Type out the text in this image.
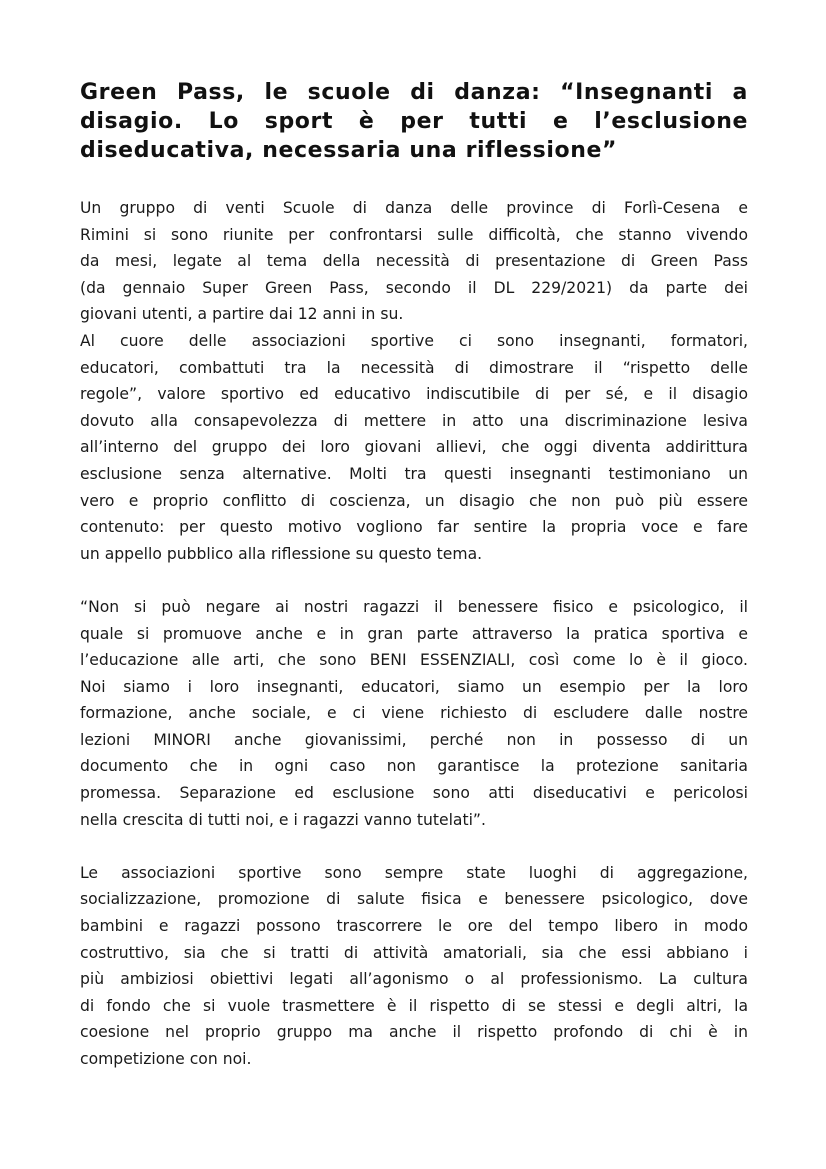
Green Pass, le scuole di danza: “Insegnanti a
disagio. Lo sport è per tutti e l’esclusione
diseducativa, necessaria una riflessione”

Un gruppo di venti Scuole di danza delle province di Forlì-Cesena e
Rimini si sono riunite per confrontarsi sulle difficoltà, che stanno vivendo
da mesi, legate al tema della necessità di presentazione di Green Pass
(da gennaio Super Green Pass, secondo il DL 229/2021) da parte dei
giovani utenti, a partire dai 12 anni in su.

Al cuore delle associazioni sportive ci sono insegnanti, formatori,
educatori, combattuti tra la necessità di dimostrare il “rispetto delle
regole”, valore sportivo ed educativo indiscutibile di per sé, e il disagio
dovuto alla consapevolezza di mettere in atto una discriminazione lesiva
all’interno del gruppo dei loro giovani allievi, che oggi diventa addirittura
esclusione senza alternative. Molti tra questi insegnanti testimoniano un
vero e proprio conflitto di coscienza, un disagio che non può più essere
contenuto: per questo motivo vogliono far sentire la propria voce e fare
un appello pubblico alla riflessione su questo tema.

“Non si può negare ai nostri ragazzi il benessere fisico e psicologico, il
quale si promuove anche e in gran parte attraverso la pratica sportiva e
l’educazione alle arti, che sono BENI ESSENZIALI, così come lo è il gioco.
Noi siamo i loro insegnanti, educatori, siamo un esempio per la loro
formazione, anche sociale, e ci viene richiesto di escludere dalle nostre
lezioni MINORI anche giovanissimi, perché non in possesso di un
documento che in ogni caso non garantisce la protezione sanitaria
promessa. Separazione ed esclusione sono atti diseducativi e pericolosi
nella crescita di tutti noi, e i ragazzi vanno tutelati”.

Le associazioni sportive sono sempre state luoghi di aggregazione,
socializzazione, promozione di salute fisica e benessere psicologico, dove
bambini e ragazzi possono trascorrere le ore del tempo libero in modo
costruttivo, sia che si tratti di attività amatoriali, sia che essi abbiano i
più ambiziosi obiettivi legati all’agonismo o al professionismo. La cultura
di fondo che si vuole trasmettere è il rispetto di se stessi e degli altri, la
coesione nel proprio gruppo ma anche il rispetto profondo di chi è in
competizione con noi.
